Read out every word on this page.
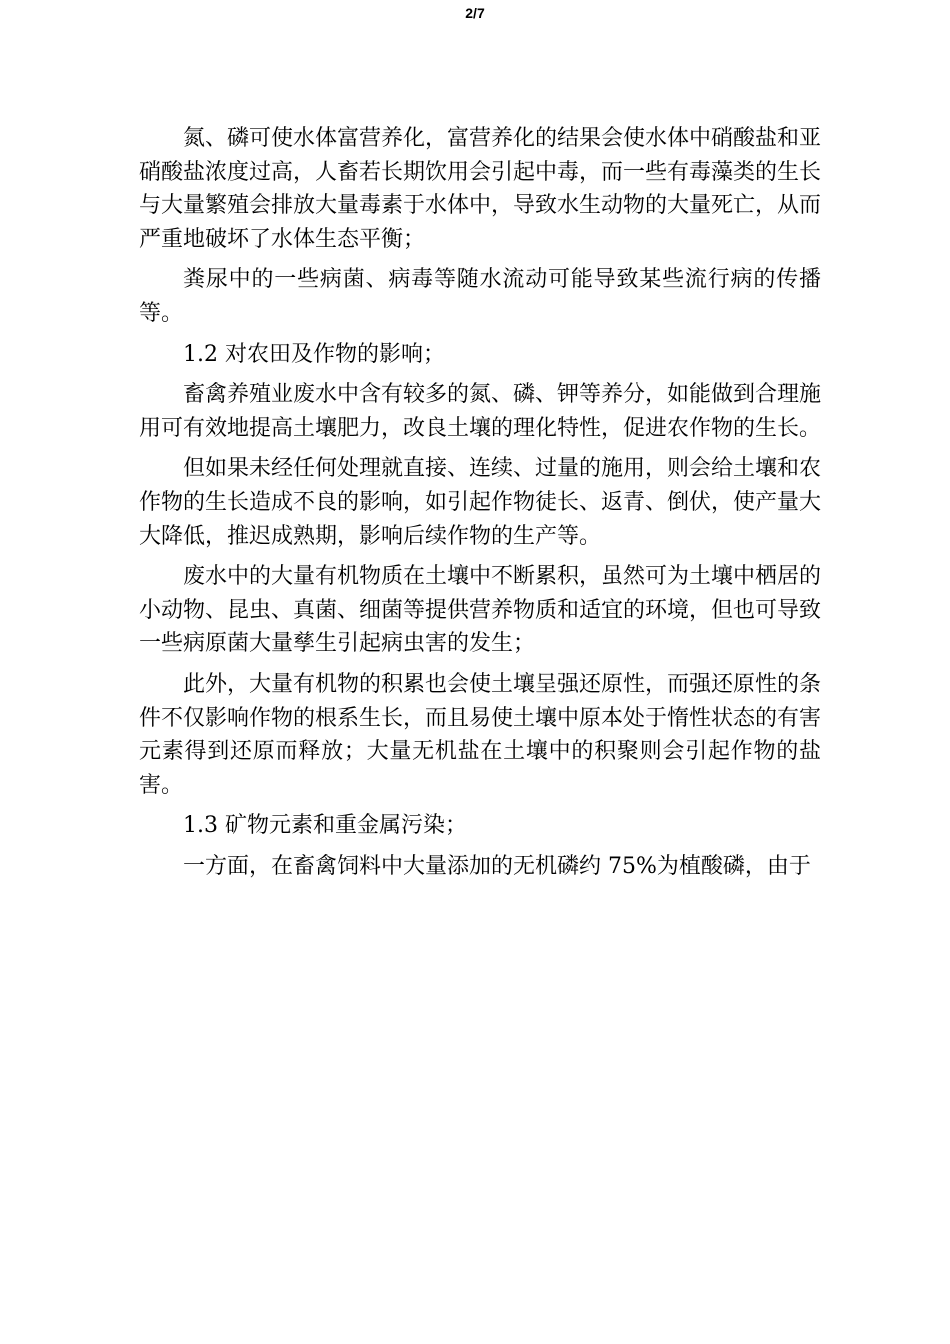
2/7

氮、磷可使水体富营养化，富营养化的结果会使水体中硝酸盐和亚硝酸盐浓度过高，人畜若长期饮用会引起中毒，而一些有毒藻类的生长与大量繁殖会排放大量毒素于水体中，导致水生动物的大量死亡，从而严重地破坏了水体生态平衡；

粪尿中的一些病菌、病毒等随水流动可能导致某些流行病的传播等。

1.2 对农田及作物的影响；

畜禽养殖业废水中含有较多的氮、磷、钾等养分，如能做到合理施用可有效地提高土壤肥力，改良土壤的理化特性，促进农作物的生长。

但如果未经任何处理就直接、连续、过量的施用，则会给土壤和农作物的生长造成不良的影响，如引起作物徒长、返青、倒伏，使产量大大降低，推迟成熟期，影响后续作物的生产等。

废水中的大量有机物质在土壤中不断累积，虽然可为土壤中栖居的小动物、昆虫、真菌、细菌等提供营养物质和适宜的环境，但也可导致一些病原菌大量孳生引起病虫害的发生；

此外，大量有机物的积累也会使土壤呈强还原性，而强还原性的条件不仅影响作物的根系生长，而且易使土壤中原本处于惰性状态的有害元素得到还原而释放；大量无机盐在土壤中的积聚则会引起作物的盐害。

1.3 矿物元素和重金属污染；

一方面，在畜禽饲料中大量添加的无机磷约 75%为植酸磷，由于
